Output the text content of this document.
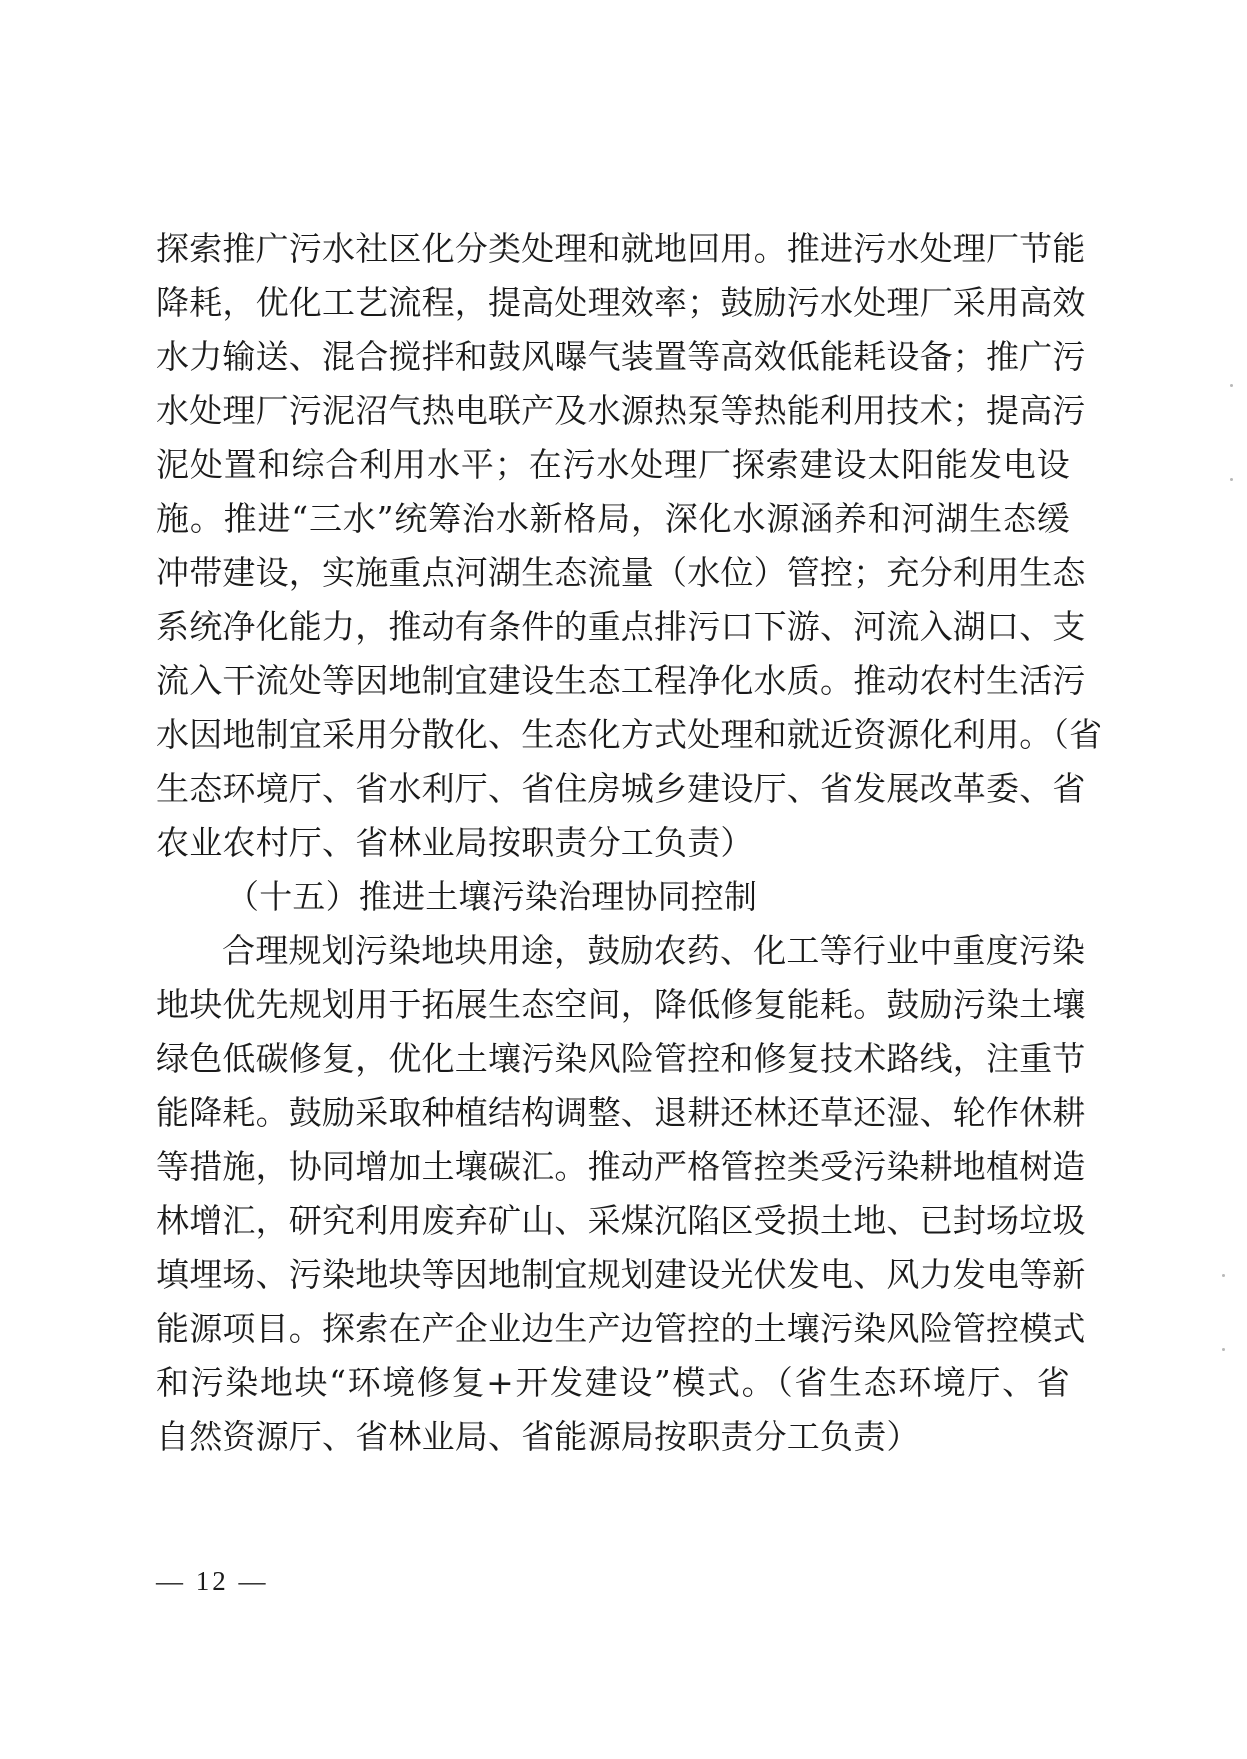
探索推广污水社区化分类处理和就地回用。推进污水处理厂节能
降耗，优化工艺流程，提高处理效率；鼓励污水处理厂采用高效
水力输送、混合搅拌和鼓风曝气装置等高效低能耗设备；推广污
水处理厂污泥沼气热电联产及水源热泵等热能利用技术；提高污
泥处置和综合利用水平；在污水处理厂探索建设太阳能发电设
施。推进“三水”统筹治水新格局，深化水源涵养和河湖生态缓
冲带建设，实施重点河湖生态流量（水位）管控；充分利用生态
系统净化能力，推动有条件的重点排污口下游、河流入湖口、支
流入干流处等因地制宜建设生态工程净化水质。推动农村生活污
水因地制宜采用分散化、生态化方式处理和就近资源化利用。（省
生态环境厅、省水利厅、省住房城乡建设厅、省发展改革委、省
农业农村厅、省林业局按职责分工负责）
（十五）推进土壤污染治理协同控制
合理规划污染地块用途，鼓励农药、化工等行业中重度污染
地块优先规划用于拓展生态空间，降低修复能耗。鼓励污染土壤
绿色低碳修复，优化土壤污染风险管控和修复技术路线，注重节
能降耗。鼓励采取种植结构调整、退耕还林还草还湿、轮作休耕
等措施，协同增加土壤碳汇。推动严格管控类受污染耕地植树造
林增汇，研究利用废弃矿山、采煤沉陷区受损土地、已封场垃圾
填埋场、污染地块等因地制宜规划建设光伏发电、风力发电等新
能源项目。探索在产企业边生产边管控的土壤污染风险管控模式
和污染地块“环境修复+开发建设”模式。（省生态环境厅、省
自然资源厅、省林业局、省能源局按职责分工负责）
— 12 —
